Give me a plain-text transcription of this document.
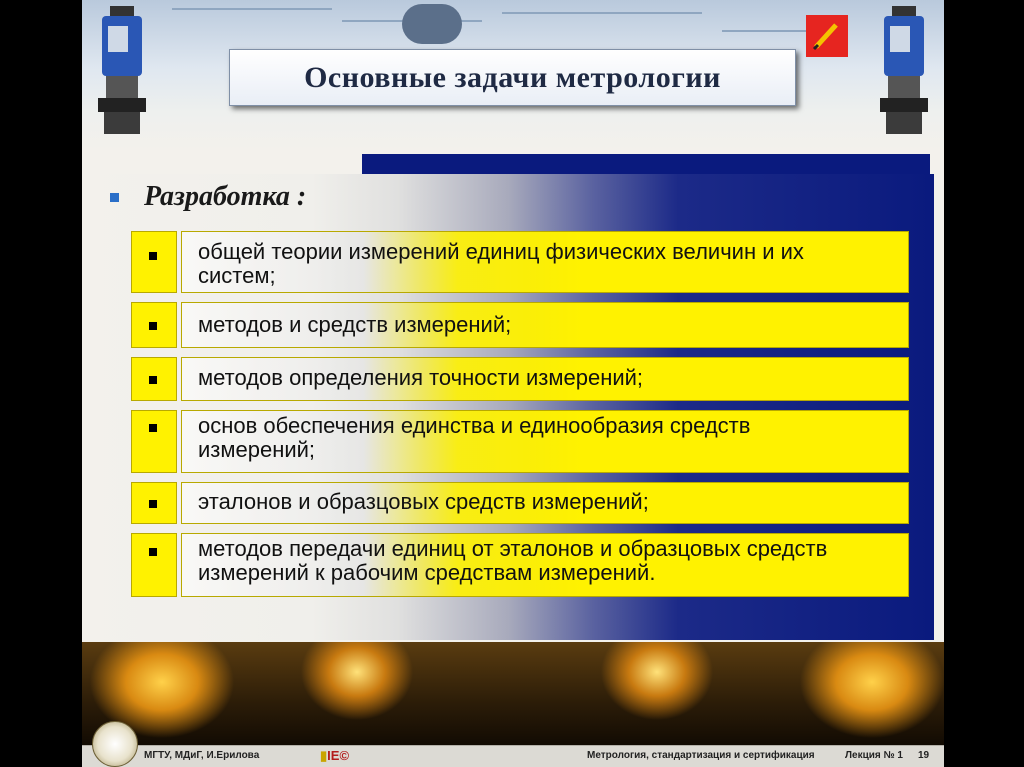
Основные задачи метрологии
Разработка :
общей теории измерений единиц физических величин и их
систем;
методов и средств измерений;
методов определения точности измерений;
основ обеспечения единства и единообразия средств
измерений;
эталонов и образцовых средств измерений;
методов передачи единиц от эталонов и образцовых средств
измерений к рабочим средствам измерений.
МГТУ, МДиГ, И.Ерилова	▮IE©	Метрология, стандартизация и сертификация	Лекция № 1 19
